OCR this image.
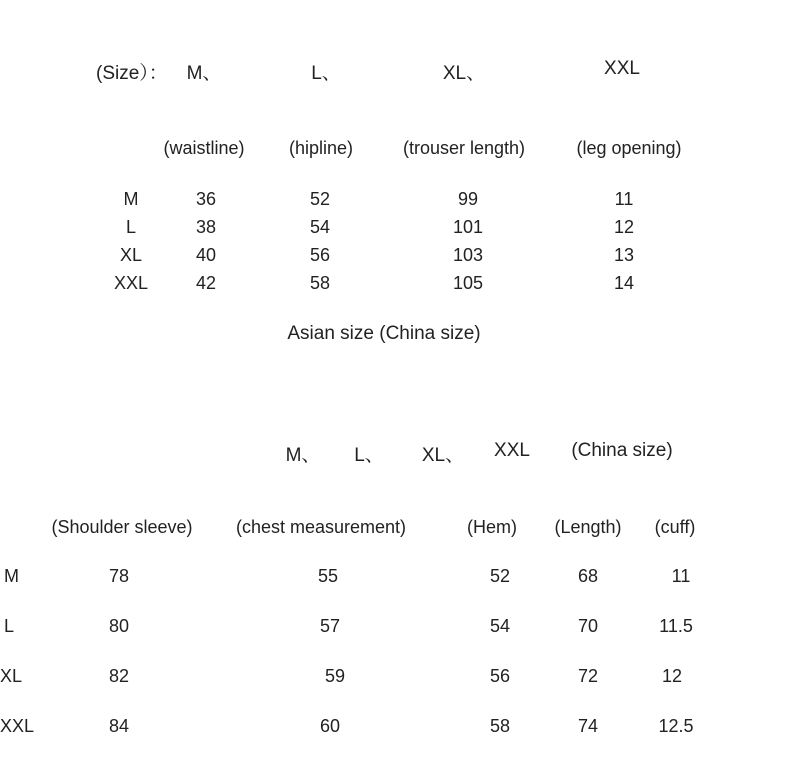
(Size）： M、	L、	XL、	XXL
(waistline) (hipline)	(trouser length)	(leg opening)
M	36	52	99	11
L	38	54	101	12
XL	40	56	103	13
XXL	42	58	105	14
Asian size (China size)
M、 L、 XL、 XXL (China size)
(Shoulder sleeve) (chest measurement)	(Hem) (Length) (cuff)
M	78	55	52	68	11
L	80	57	54	70	11.5
XL	82	59	56	72	12
XXL	84	60	58	74	12.5
